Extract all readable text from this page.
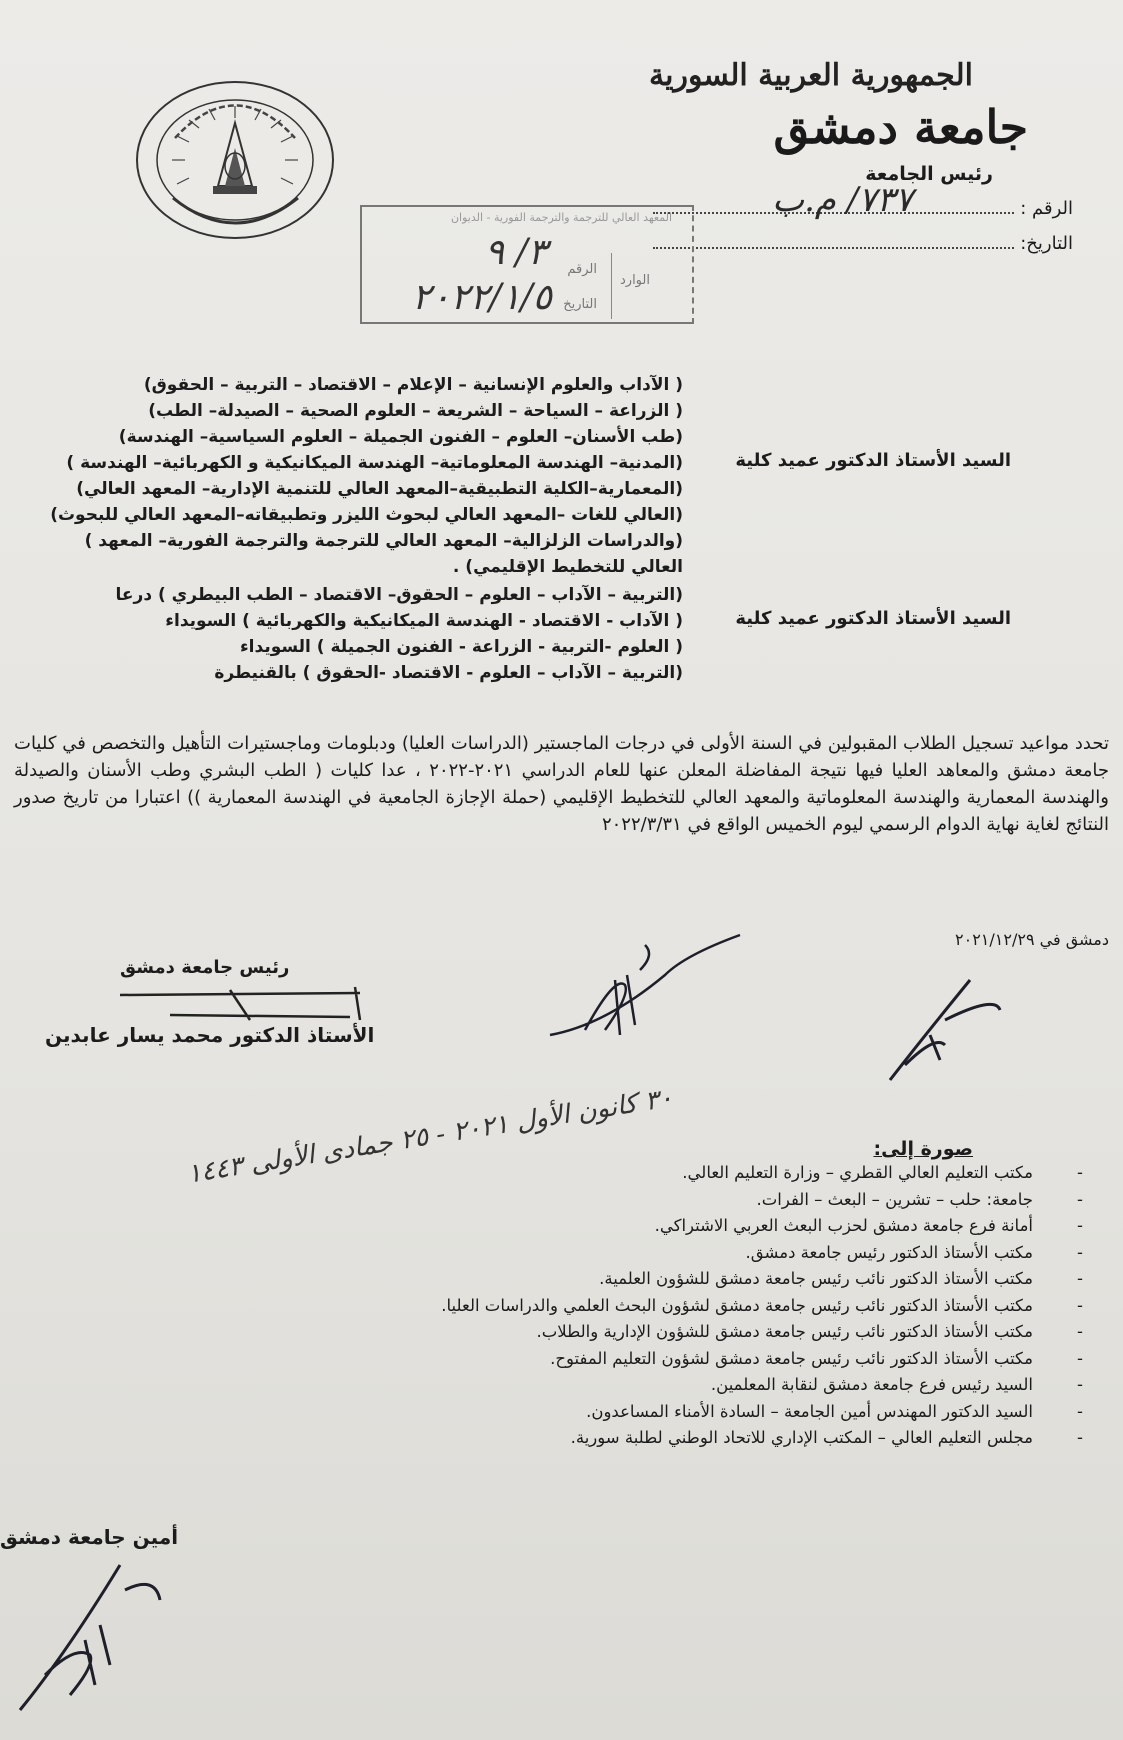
الجمهورية العربية السورية
جامعة دمشق
رئيس الجامعة
الرقم :
٧٣٧/ م.ب
التاريخ:
المعهد العالي للترجمة والترجمة الفورية - الديوان
الوارد
الرقم
التاريخ
٣/ ٩
٢٠٢٢/١/٥
السيد الأستاذ الدكتور عميد كلية
( الآداب والعلوم الإنسانية – الإعلام – الاقتصاد – التربية – الحقوق)
( الزراعة – السياحة – الشريعة – العلوم الصحية – الصيدلة– الطب)
(طب الأسنان– العلوم – الفنون الجميلة – العلوم السياسية– الهندسة)
(المدنية– الهندسة المعلوماتية– الهندسة الميكانيكية و الكهربائية– الهندسة )
(المعمارية–الكلية التطبيقية–المعهد العالي للتنمية الإدارية– المعهد العالي)
(العالي للغات –المعهد العالي لبحوث الليزر وتطبيقاته–المعهد العالي للبحوث)
(والدراسات الزلزالية– المعهد العالي للترجمة والترجمة الفورية– المعهد )
العالي للتخطيط الإقليمي) .
السيد الأستاذ الدكتور عميد كلية
(التربية – الآداب – العلوم – الحقوق– الاقتصاد – الطب البيطري ) درعا
( الآداب - الاقتصاد - الهندسة الميكانيكية والكهربائية ) السويداء
( العلوم -التربية - الزراعة - الفنون الجميلة ) السويداء
(التربية – الآداب – العلوم - الاقتصاد -الحقوق ) بالقنيطرة
تحدد مواعيد تسجيل الطلاب المقبولين في السنة الأولى في درجات الماجستير (الدراسات العليا) ودبلومات وماجستيرات التأهيل والتخصص في كليات جامعة دمشق والمعاهد العليا فيها نتيجة المفاضلة المعلن عنها للعام الدراسي ٢٠٢١-٢٠٢٢ ، عدا كليات ( الطب البشري وطب الأسنان والصيدلة والهندسة المعمارية والهندسة المعلوماتية والمعهد العالي للتخطيط الإقليمي (حملة الإجازة الجامعية في الهندسة المعمارية )) اعتبارا من تاريخ صدور النتائج لغاية نهاية الدوام الرسمي ليوم الخميس الواقع في ٢٠٢٢/٣/٣١
دمشق في ٢٠٢١/١٢/٢٩
رئيس جامعة دمشق
الأستاذ الدكتور محمد يسار عابدين
صورة إلى:
-
مكتب التعليم العالي القطري – وزارة التعليم العالي.
-
جامعة: حلب – تشرين – البعث – الفرات.
-
أمانة فرع جامعة دمشق لحزب البعث العربي الاشتراكي.
-
مكتب الأستاذ الدكتور رئيس جامعة دمشق.
-
مكتب الأستاذ الدكتور نائب رئيس جامعة دمشق للشؤون العلمية.
-
مكتب الأستاذ الدكتور نائب رئيس جامعة دمشق لشؤون البحث العلمي والدراسات العليا.
-
مكتب الأستاذ الدكتور نائب رئيس جامعة دمشق للشؤون الإدارية والطلاب.
-
مكتب الأستاذ الدكتور نائب رئيس جامعة دمشق لشؤون التعليم المفتوح.
-
السيد رئيس فرع جامعة دمشق لنقابة المعلمين.
-
السيد الدكتور المهندس أمين الجامعة – السادة الأمناء المساعدون.
-
مجلس التعليم العالي – المكتب الإداري للاتحاد الوطني لطلبة سورية.
٣٠ كانون الأول ٢٠٢١ - ٢٥ جمادى الأولى ١٤٤٣
أمين جامعة دمشق
